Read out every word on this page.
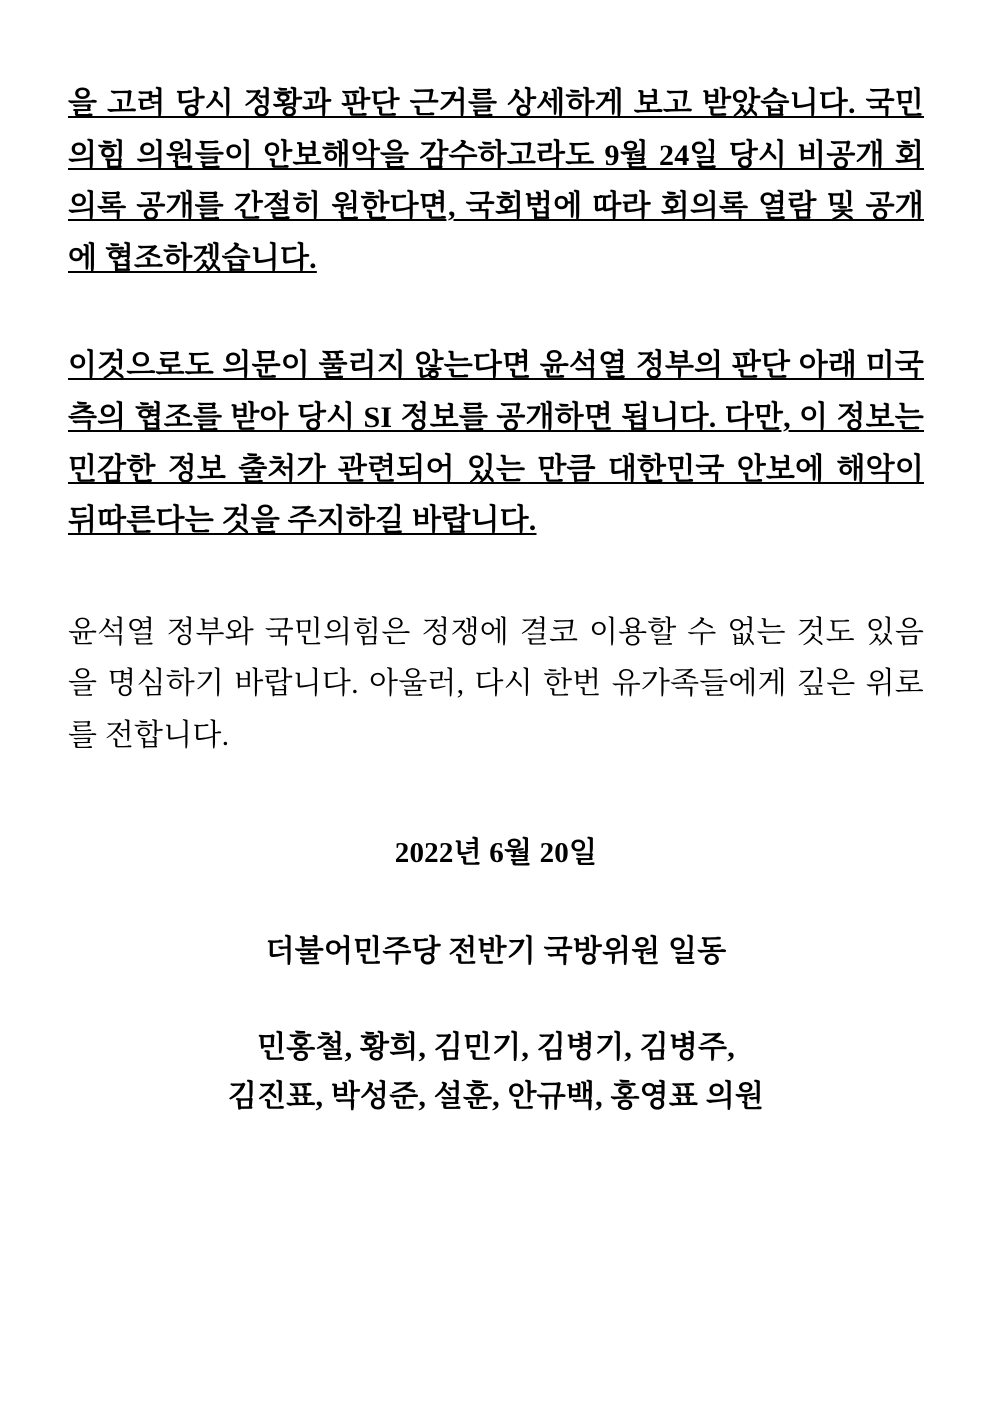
을 고려 당시 정황과 판단 근거를 상세하게 보고 받았습니다. 국민의힘 의원들이 안보해악을 감수하고라도 9월 24일 당시 비공개 회의록 공개를 간절히 원한다면, 국회법에 따라 회의록 열람 및 공개에 협조하겠습니다.

이것으로도 의문이 풀리지 않는다면 윤석열 정부의 판단 아래 미국 측의 협조를 받아 당시 SI 정보를 공개하면 됩니다. 다만, 이 정보는 민감한 정보 출처가 관련되어 있는 만큼 대한민국 안보에 해악이 뒤따른다는 것을 주지하길 바랍니다.

윤석열 정부와 국민의힘은 정쟁에 결코 이용할 수 없는 것도 있음을 명심하기 바랍니다. 아울러, 다시 한번 유가족들에게 깊은 위로를 전합니다.

2022년 6월 20일

더불어민주당 전반기 국방위원 일동

민홍철, 황희, 김민기, 김병기, 김병주,

김진표, 박성준, 설훈, 안규백, 홍영표 의원
